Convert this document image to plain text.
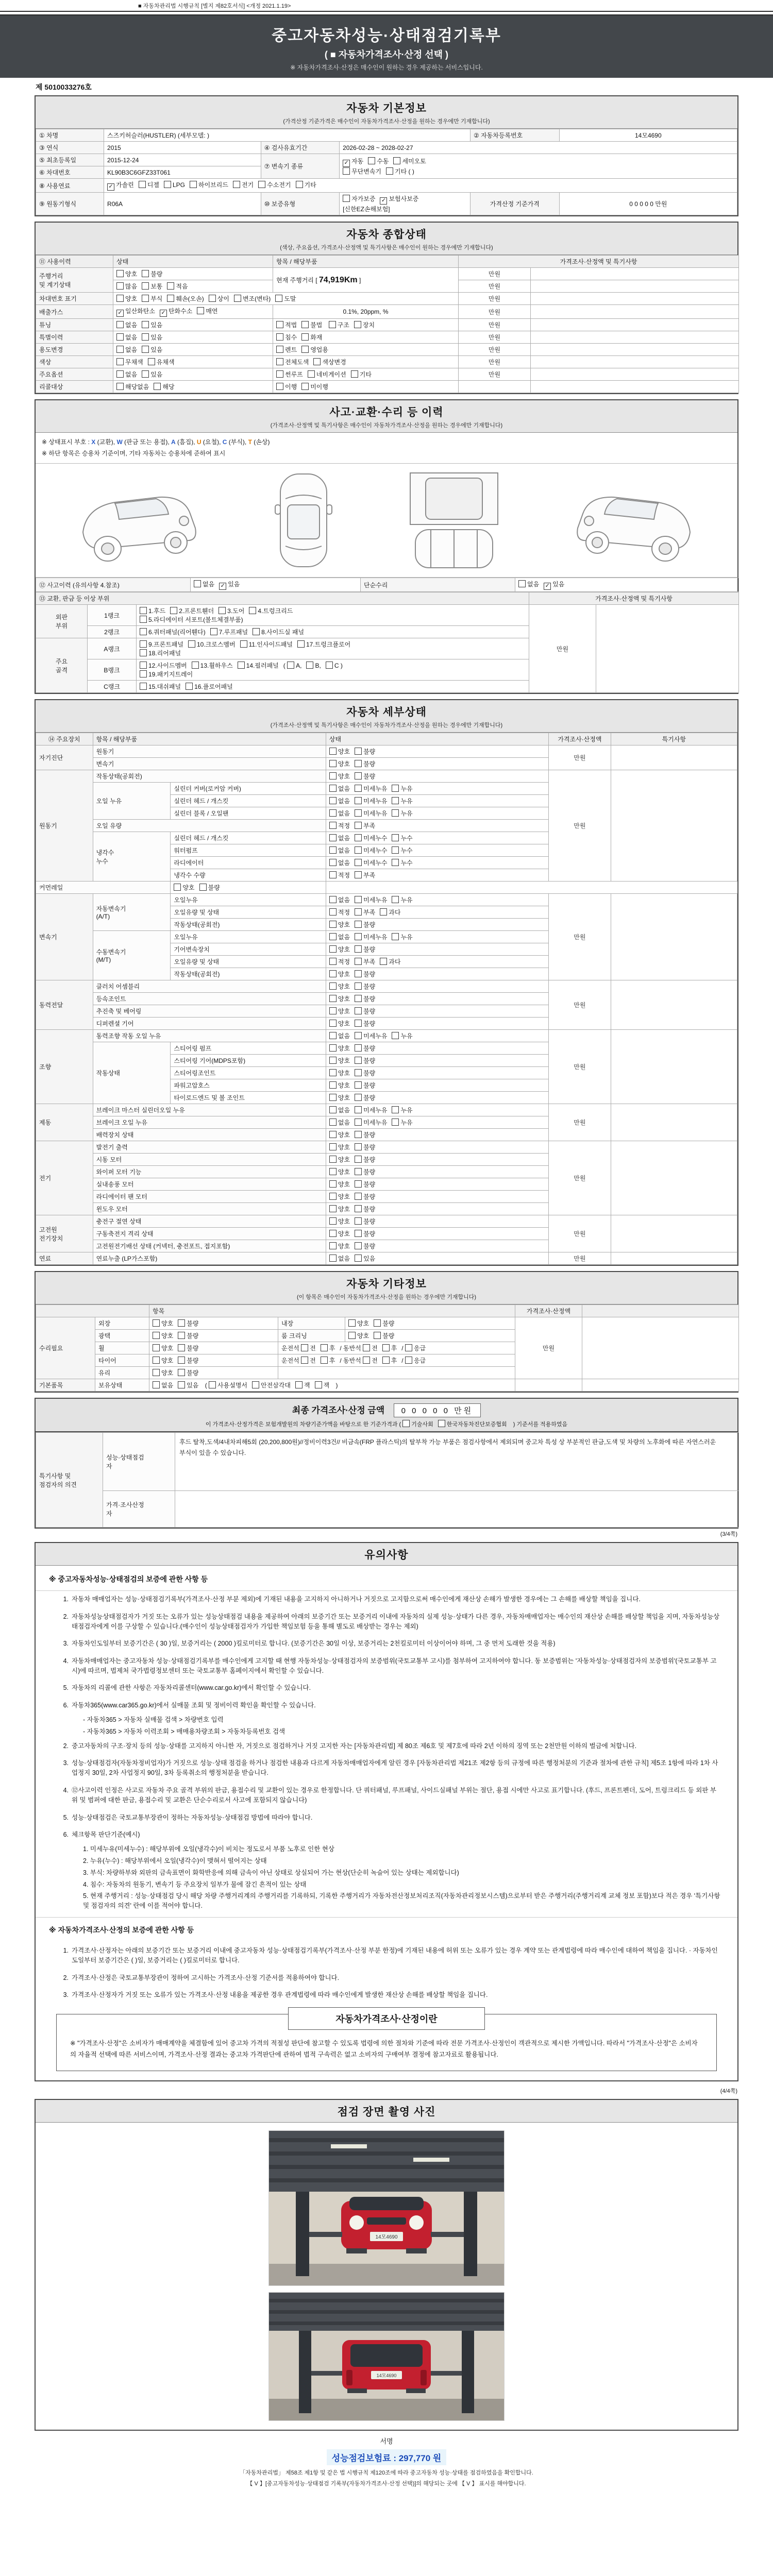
■ 자동차관리법 시행규칙 [별지 제82호서식] <개정 2021.1.19>
중고자동차성능·상태점검기록부
( ■ 자동차가격조사·산정 선택 )
※ 자동차가격조사·산정은 매수인이 원하는 경우 제공하는 서비스입니다.
제 5010033276호
자동차 기본정보
(가격산정 기준가격은 매수인이 자동차가격조사·산정을 원하는 경우에만 기재합니다)
① 차명	스즈키허슬러(HUSTLER) (세부모델: )			② 자동차등록번호	14모4690
③ 연식	2015	④ 검사유효기간	2026-02-28 ~ 2028-02-27		
⑤ 최초등록일	2015-12-24	⑦ 변속기 종류	✓자동 수동 세미오토
무단변속기 기타 ( )
⑥ 차대번호	KL90B3C6GFZ33T061				
⑧ 사용연료	✓가솔린 디젤 LPG 하이브리드 전기 수소전기 기타
⑨ 원동기형식	R06A	⑩ 보증유형	자가보증 ✓ 보험사보증 [신한EZ손해보험]	가격산정 기준가격	0 0 0 0 0 만원
자동차 종합상태
(색상, 주요옵션, 가격조사·산정액 및 특기사항은 매수인이 원하는 경우에만 기재합니다)
⑪ 사용이력	상태	항목 / 해당부품	가격조사·산정액 및 특기사항	
주행거리
및 계기상태	양호 불량	현재 주행거리 [ 74,919Km ]	만원	
	많음 보통 적음		만원	
차대번호 표기	양호 부식 훼손(오손) 상이 변조(변타) 도말		만원	
배출가스	✓일산화탄소 ✓ 탄화수소 매연	0.1%, 20ppm, %	만원	
튜닝	없음 있음	적법 불법 구조 장치	만원	
특별이력	없음 있음	침수 화재	만원	
용도변경	없음 있음	렌트 영업용	만원	
색상	무채색 유채색	전체도색 색상변경	만원	
주요옵션	없음 있음	썬루프 네비게이션 기타	만원	
리콜대상	해당없음 해당	이행 미이행		
사고·교환·수리 등 이력
(가격조사·산정액 및 특기사항은 매수인이 자동차가격조사·산정을 원하는 경우에만 기재합니다)
※ 상태표시 부호 : X (교환), W (판금 또는 용접), A (흠집), U (요철), C (부식), T (손상)
※ 하단 항목은 승용차 기준이며, 기타 자동차는 승용차에 준하여 표시
⑫ 사고이력 (유의사항 4.참조)	없음 ✓ 있음	단순수리	없음 ✓ 있음
⑬ 교환, 판금 등 이상 부위			가격조사·산정액 및 특기사항	
외판
부위	1랭크	1.후드 2.프론트휀더 3.도어 4.트렁크리드
5.라디에이터 서포트(볼트체결부품)	만원	
	2랭크	6.쿼터패널(리어휀다) 7.루프패널 8.사이드실 패널		
주요
골격	A랭크	9.프론트패널 10.크로스멤버 11.인사이드패널 17.트렁크플로어
18.리어패널		
	B랭크	12.사이드멤버 13.휠하우스 14.필러패널 ( A, B, C )
19.패키지트레이		
	C랭크	15.대쉬패널 16.플로어패널		
자동차 세부상태
(가격조사·산정액 및 특기사항은 매수인이 자동차가격조사·산정을 원하는 경우에만 기재합니다)
⑭ 주요장치	항목 / 해당부품		상태	가격조사·산정액	특기사항
자기진단	원동기		양호 불량	만원	
	변속기		양호 불량		
원동기	작동상태(공회전)		양호 불량	만원	
	오일 누유	실린더 커버(로커암 커버)	없음 미세누유 누유		
		실린더 헤드 / 개스킷	없음 미세누유 누유		
		실린더 블록 / 오일팬	없음 미세누유 누유		
	오일 유량		적정 부족		
	냉각수
누수	실린더 헤드 / 개스킷	없음 미세누수 누수		
		워터펌프	없음 미세누수 누수		
		라디에이터	없음 미세누수 누수		
		냉각수 수량	적정 부족		
커먼레일		양호 불량			
변속기	자동변속기
(A/T)	오일누유	없음 미세누유 누유	만원	
		오일유량 및 상태	적정 부족 과다		
		작동상태(공회전)	양호 불량		
	수동변속기
(M/T)	오일누유	없음 미세누유 누유		
		기어변속장치	양호 불량		
		오일유량 및 상태	적정 부족 과다		
		작동상태(공회전)	양호 불량		
동력전달	클러치 어셈블리		양호 불량	만원	
	등속조인트		양호 불량		
	추진축 및 베어링		양호 불량		
	디퍼렌셜 기어		양호 불량		
조향	동력조향 작동 오일 누유		없음 미세누유 누유	만원	
	작동상태	스티어링 펌프	양호 불량		
		스티어링 기어(MDPS포함)	양호 불량		
		스티어링조인트	양호 불량		
		파워고압호스	양호 불량		
		타이로드엔드 및 볼 조인트	양호 불량		
제동	브레이크 마스터 실린더오일 누유		없음 미세누유 누유	만원	
	브레이크 오일 누유		없음 미세누유 누유		
	배력장치 상태		양호 불량		
전기	발전기 출력		양호 불량	만원	
	시동 모터		양호 불량		
	와이퍼 모터 기능		양호 불량		
	실내송풍 모터		양호 불량		
	라디에이터 팬 모터		양호 불량		
	윈도우 모터		양호 불량		
고전원
전기장치	충전구 절연 상태		양호 불량	만원	
	구동축전지 격리 상태		양호 불량		
	고전원전기배선 상태 (커넥터, 충전포트, 접지포함)		양호 불량		
연료	연료누출 (LP가스포함)		없음 있음	만원	
자동차 기타정보
(이 항목은 매수인이 자동차가격조사·산정을 원하는 경우에만 기재합니다)
		항목			가격조사·산정액	
수리필요	외장	양호 불량	내장	양호 불량	만원	
	광택	양호 불량	룸 크리닝	양호 불량		
	휠	양호 불량	운전석 전 후 / 동반석 전 후 / 응급			
	타이어	양호 불량	운전석 전 후 / 동반석 전 후 / 응급			
	유리	양호 불량				
기본품목	보유상태	없음 있음 ( 사용설명서 안전삼각대 잭 잭 )				
최종 가격조사·산정 금액 0 0 0 0 0 만원
이 가격조사·산정가격은 보험개발원의 차량기준가액을 바탕으로 한 기준가격과 ( 기술사회 한국자동차진단보증협회 ) 기준서를 적용하였음
특기사항 및
점검자의 의견	성능·상태점검
자	후드 탈착,도색/4내차피해5회 (20,200,800원)//정비이력3건// 비금속(FRP 플라스틱)의 탈부착 가능 부품은 점검사항에서 제외되며 중고차 특성 상 부분적인 판금,도색 및 차량의 노후화에 따른 자연스러운 부식이 있을 수 있습니다.
	가격·조사산정
자	
(3/4쪽)
유의사항
※ 중고자동차성능·상태점검의 보증에 관한 사항 등
1. 자동차 매매업자는 성능·상태점검기록부(가격조사·산정 부분 제외)에 기재된 내용을 고지하지 아니하거나 거짓으로 고지함으로써 매수인에게 재산상 손해가 발생한 경우에는 그 손해를 배상할 책임을 집니다.
2. 자동차성능상태점검자가 거짓 또는 오류가 있는 성능상태점검 내용을 제공하여 아래의 보증기간 또는 보증거리 이내에 자동차의 실제 성능·상태가 다른 경우, 자동차매매업자는 매수인의 재산상 손해를 배상할 책임을 지며, 자동차성능상태점검자에게 이를 구상할 수 있습니다.(매수인이 성능상태점검자가 가입한 책임보험 등을 통해 별도로 배상받는 경우는 제외)
3. 자동차인도일부터 보증기간은 ( 30 )일, 보증거리는 ( 2000 )킬로미터로 합니다. (보증기간은 30일 이상, 보증거리는 2천킬로미터 이상이어야 하며, 그 중 먼저 도래한 것을 적용)
4. 자동차매매업자는 중고자동차 성능·상태점검기록부를 매수인에게 고지할 때 현행 자동차성능·상태점검자의 보증범위(국토교통부 고시)를 첨부하여 고지하여야 합니다. 동 보증범위는 '자동차성능·상태점검자의 보증범위'(국토교통부 고시)에 따르며, 법제처 국가법령정보센터 또는 국토교통부 홈페이지에서 확인할 수 있습니다.
5. 자동차의 리콜에 관한 사항은 자동차리콜센터(www.car.go.kr)에서 확인할 수 있습니다.
6. 자동차365(www.car365.go.kr)에서 실매물 조회 및 정비이력 확인을 확인할 수 있습니다.
- 자동차365 > 자동차 실매물 검색 > 차량번호 입력
- 자동차365 > 자동차 이력조회 > 매매용차량조회 > 자동차등록번호 검색
2. 중고자동차의 구조·장치 등의 성능·상태를 고지하지 아니한 자, 거짓으로 점검하거나 거짓 고지한 자는 [자동차관리법] 제 80조 제6호 및 제7호에 따라 2년 이하의 징역 또는 2천만원 이하의 벌금에 처합니다.
3. 성능·상태점검자(자동차정비업자)가 거짓으로 성능·상태 점검을 하거나 점검한 내용과 다르게 자동차매매업자에게 알린 경우 [자동차관리법 제21조 제2항 등의 규정에 따른 행정처분의 기준과 절차에 관한 규칙] 제5조 1항에 따라 1차 사업정지 30일, 2차 사업정지 90일, 3차 등록취소의 행정처분을 받습니다.
4. ⑫사고이력 인정은 사고로 자동차 주요 골격 부위의 판금, 용접수리 및 교환이 있는 경우로 한정합니다. 단 쿼터패널, 루프패널, 사이드실패널 부위는 절단, 용접 시에만 사고로 표기합니다. (후드, 프론트펜더, 도어, 트렁크리드 등 외판 부위 및 범퍼에 대한 판금, 용접수리 및 교환은 단순수리로서 사고에 포함되지 않습니다)
5. 성능·상태점검은 국토교통부장관이 정하는 자동차성능·상태점검 방법에 따라야 합니다.
6. 체크항목 판단기준(예시)
1. 미세누유(미세누수) : 해당부위에 오일(냉각수)이 비치는 정도로서 부품 노후로 인한 현상
2. 누유(누수) : 해당부위에서 오일(냉각수)이 맺혀서 떨어지는 상태
3. 부식: 차량하부와 외판의 금속표면이 화학반응에 의해 금속이 아닌 상태로 상실되어 가는 현상(단순히 녹슬어 있는 상태는 제외합니다)
4. 침수: 자동차의 원동기, 변속기 등 주요장치 일부가 물에 잠긴 흔적이 있는 상태
5. 현재 주행거리 : 성능·상태점검 당시 해당 차량 주행거리계의 주행거리를 기록하되, 기록한 주행거리가 자동차전산정보처리조직(자동차관리정보시스템)으로부터 받은 주행거리(주행거리계 교체 정보 포함)보다 적은 경우 '특기사항 및 점검자의 의견' 란에 이를 적어야 합니다.
※ 자동차가격조사·산정의 보증에 관한 사항 등
1. 가격조사·산정자는 아래의 보증기간 또는 보증거리 이내에 중고자동차 성능·상태점검기록부(가격조사·산정 부분 한정)에 기재된 내용에 허위 또는 오류가 있는 경우 계약 또는 관계법령에 따라 매수인에 대하여 책임을 집니다. · 자동차인도일부터 보증기간은 ( )일, 보증거리는 ( )킬로미터로 합니다.
2. 가격조사·산정은 국토교통부장관이 정하여 고시하는 가격조사·산정 기준서를 적용하여야 합니다.
3. 가격조사·산정자가 거짓 또는 오류가 있는 가격조사·산정 내용을 제공한 경우 관계법령에 따라 매수인에게 발생한 재산상 손해를 배상할 책임을 집니다.
자동차가격조사·산정이란
※ "가격조사·산정"은 소비자가 매매계약을 체결함에 있어 중고차 가격의 적절성 판단에 참고할 수 있도록 법령에 의한 절차와 기준에 따라 전문 가격조사·산정인이 객관적으로 제시한 가액입니다. 따라서 "가격조사·산정"은 소비자의 자율적 선택에 따른 서비스이며, 가격조사·산정 결과는 중고차 가격판단에 관하여 법적 구속력은 없고 소비자의 구매여부 결정에 참고자료로 활용됩니다.
(4/4쪽)
점검 장면 촬영 사진
14모4690
14모4690
서명
성능점검보험료 : 297,770 원
「자동차관리법」 제58조 제1항 및 같은 법 시행규칙 제120조에 따라 중고자동차 성능·상태를 점검하였음을 확인합니다.
【 V 】[중고자동차성능·상태점검 기록부(자동차가격조사·산정 선택)]의 해당되는 곳에 【 V 】 표시를 해야합니다.
